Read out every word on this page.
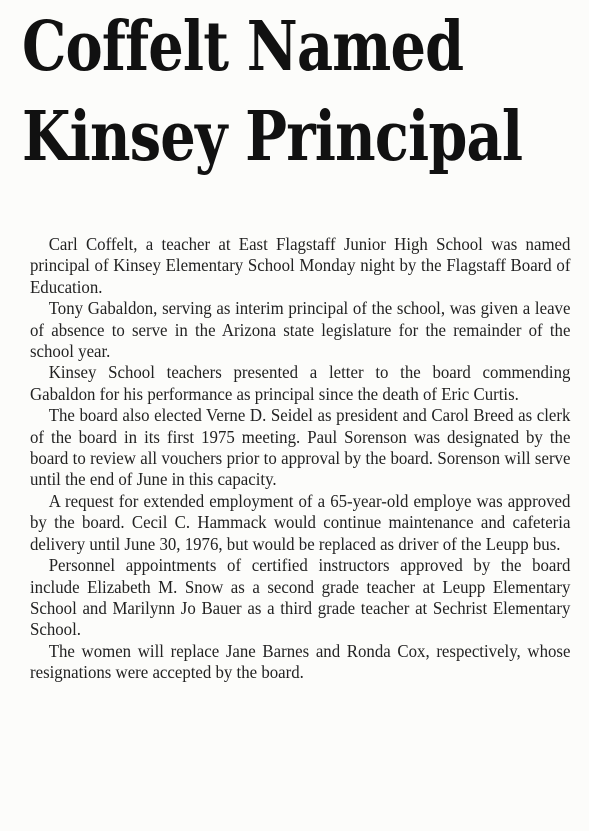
Coffelt Named
Kinsey Principal

Carl Coffelt, a teacher at East Flagstaff Junior High School was named principal of Kinsey Elementary School Monday night by the Flagstaff Board of Education.

Tony Gabaldon, serving as interim principal of the school, was given a leave of absence to serve in the Arizona state legislature for the remainder of the school year.

Kinsey School teachers presented a letter to the board commending Gabaldon for his performance as principal since the death of Eric Curtis.

The board also elected Verne D. Seidel as president and Carol Breed as clerk of the board in its first 1975 meeting. Paul Sorenson was designated by the board to review all vouchers prior to approval by the board. Sorenson will serve until the end of June in this capacity.

A request for extended employment of a 65-year-old employe was approved by the board. Cecil C. Hammack would continue maintenance and cafeteria delivery until June 30, 1976, but would be replaced as driver of the Leupp bus.

Personnel appointments of certified instructors approved by the board include Elizabeth M. Snow as a second grade teacher at Leupp Elementary School and Marilynn Jo Bauer as a third grade teacher at Sechrist Elementary School.

The women will replace Jane Barnes and Ronda Cox, respectively, whose resignations were accepted by the board.
